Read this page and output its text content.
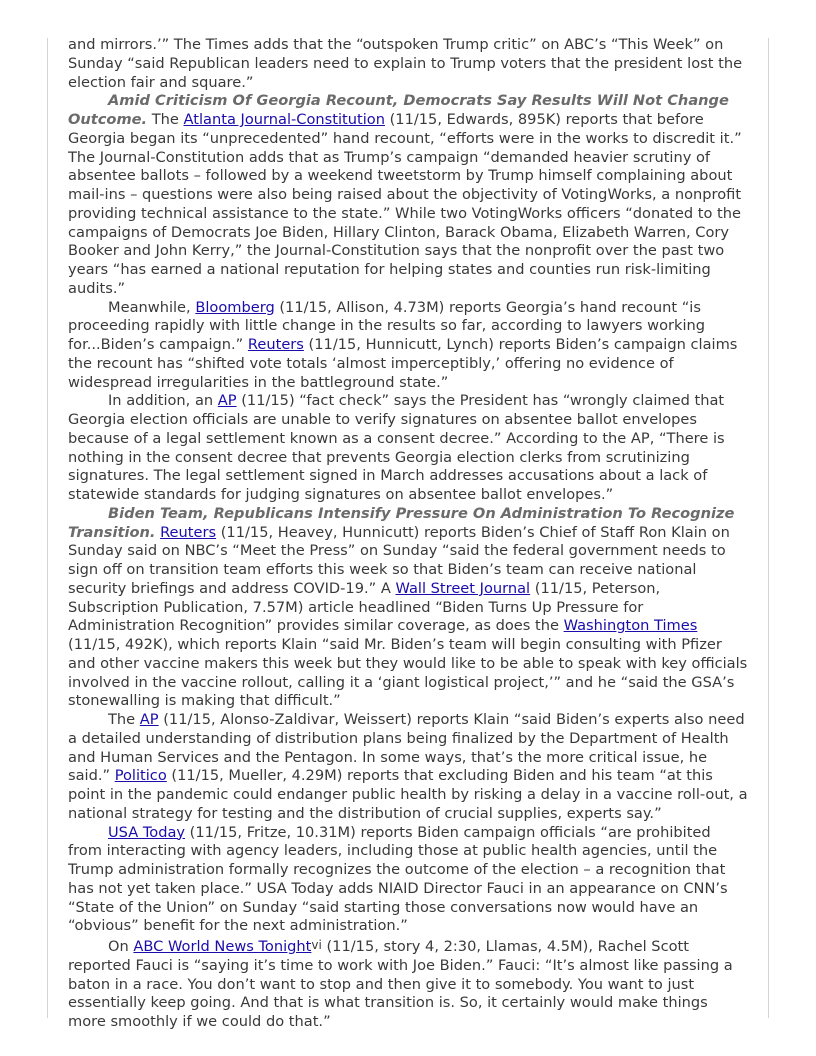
and mirrors.’” The Times adds that the “outspoken Trump critic” on ABC’s “This Week” on Sunday “said Republican leaders need to explain to Trump voters that the president lost the election fair and square.”

Amid Criticism Of Georgia Recount, Democrats Say Results Will Not Change Outcome. The Atlanta Journal-Constitution (11/15, Edwards, 895K) reports that before Georgia began its “unprecedented” hand recount, “efforts were in the works to discredit it.” The Journal-Constitution adds that as Trump’s campaign “demanded heavier scrutiny of absentee ballots – followed by a weekend tweetstorm by Trump himself complaining about mail-ins – questions were also being raised about the objectivity of VotingWorks, a nonprofit providing technical assistance to the state.” While two VotingWorks officers “donated to the campaigns of Democrats Joe Biden, Hillary Clinton, Barack Obama, Elizabeth Warren, Cory Booker and John Kerry,” the Journal-Constitution says that the nonprofit over the past two years “has earned a national reputation for helping states and counties run risk-limiting audits.”

Meanwhile, Bloomberg (11/15, Allison, 4.73M) reports Georgia’s hand recount “is proceeding rapidly with little change in the results so far, according to lawyers working for...Biden’s campaign.” Reuters (11/15, Hunnicutt, Lynch) reports Biden’s campaign claims the recount has “shifted vote totals ‘almost imperceptibly,’ offering no evidence of widespread irregularities in the battleground state.”

In addition, an AP (11/15) “fact check” says the President has “wrongly claimed that Georgia election officials are unable to verify signatures on absentee ballot envelopes because of a legal settlement known as a consent decree.” According to the AP, “There is nothing in the consent decree that prevents Georgia election clerks from scrutinizing signatures. The legal settlement signed in March addresses accusations about a lack of statewide standards for judging signatures on absentee ballot envelopes.”

Biden Team, Republicans Intensify Pressure On Administration To Recognize Transition. Reuters (11/15, Heavey, Hunnicutt) reports Biden’s Chief of Staff Ron Klain on Sunday said on NBC’s “Meet the Press” on Sunday “said the federal government needs to sign off on transition team efforts this week so that Biden’s team can receive national security briefings and address COVID-19.” A Wall Street Journal (11/15, Peterson, Subscription Publication, 7.57M) article headlined “Biden Turns Up Pressure for Administration Recognition” provides similar coverage, as does the Washington Times (11/15, 492K), which reports Klain “said Mr. Biden’s team will begin consulting with Pfizer and other vaccine makers this week but they would like to be able to speak with key officials involved in the vaccine rollout, calling it a ‘giant logistical project,’” and he “said the GSA’s stonewalling is making that difficult.”

The AP (11/15, Alonso-Zaldivar, Weissert) reports Klain “said Biden’s experts also need a detailed understanding of distribution plans being finalized by the Department of Health and Human Services and the Pentagon. In some ways, that’s the more critical issue, he said.” Politico (11/15, Mueller, 4.29M) reports that excluding Biden and his team “at this point in the pandemic could endanger public health by risking a delay in a vaccine roll-out, a national strategy for testing and the distribution of crucial supplies, experts say.”

USA Today (11/15, Fritze, 10.31M) reports Biden campaign officials “are prohibited from interacting with agency leaders, including those at public health agencies, until the Trump administration formally recognizes the outcome of the election – a recognition that has not yet taken place.” USA Today adds NIAID Director Fauci in an appearance on CNN’s “State of the Union” on Sunday “said starting those conversations now would have an “obvious” benefit for the next administration.”

On ABC World News Tonight$^{vi}$ (11/15, story 4, 2:30, Llamas, 4.5M), Rachel Scott reported Fauci is “saying it’s time to work with Joe Biden.” Fauci: “It’s almost like passing a baton in a race. You don’t want to stop and then give it to somebody. You want to just essentially keep going. And that is what transition is. So, it certainly would make things more smoothly if we could do that.”
